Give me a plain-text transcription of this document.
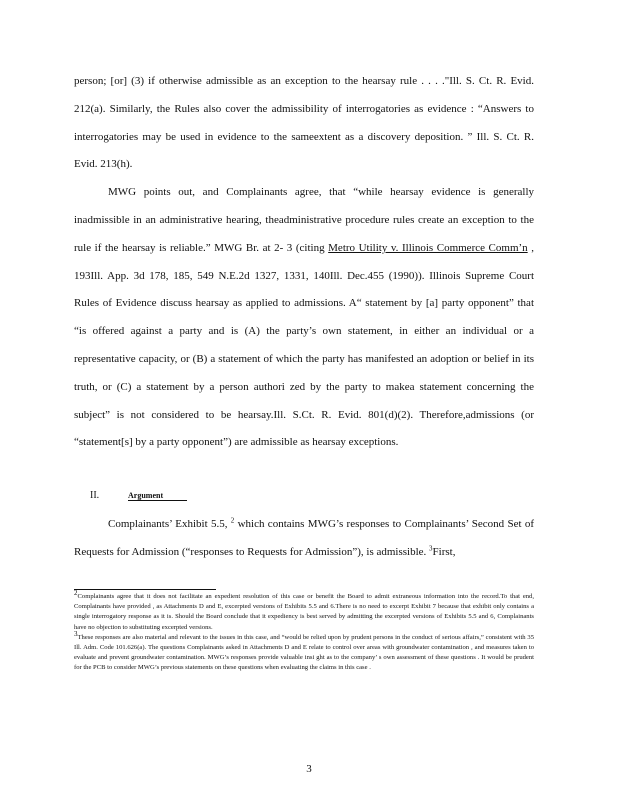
person; [or] (3) if otherwise admissible as an exception to the hearsay rule . . . ."Ill. S. Ct. R. Evid. 212(a). Similarly, the Rules also cover the admissibility of interrogatories as evidence : “Answers to interrogatories may be used in evidence to the sameextent as a discovery deposition. ” Ill. S. Ct. R. Evid. 213(h).

MWG points out, and Complainants agree, that “while hearsay evidence is generally inadmissible in an administrative hearing, theadministrative procedure rules create an exception to the rule if the hearsay is reliable.” MWG Br. at 2- 3 (citing Metro Utility v. Illinois Commerce Comm’n , 193Ill. App. 3d 178, 185, 549 N.E.2d 1327, 1331, 140Ill. Dec.455 (1990)). Illinois Supreme Court Rules of Evidence discuss hearsay as applied to admissions. A“ statement by [a] party opponent” that “is offered against a party and is (A) the party’s own statement, in either an individual or a representative capacity, or (B) a statement of which the party has manifested an adoption or belief in its truth, or (C) a statement by a person authori zed by the party to makea statement concerning the subject” is not considered to be hearsay.Ill. S.Ct. R. Evid. 801(d)(2). Therefore,admissions (or “statement[s] by a party opponent”) are admissible as hearsay exceptions.

II.	Argument

Complainants’ Exhibit 5.5, $^2$ which contains MWG’s responses to Complainants’ Second Set of Requests for Admission (“responses to Requests for Admission”), is admissible. $^3$First,

$^2$Complainants agree that it does not facilitate an expedient resolution of this case or benefit the Board to admit extraneous information into the record.To that end, Complainants have provided , as Attachments D and E, excerpted versions of Exhibits 5.5 and 6.There is no need to excerpt Exhibit 7 because that exhibit only contains a single interrogatory response as it is. Should the Board conclude that it expediency is best served by admitting the excerpted versions of Exhibits 5.5 and 6, Complainants have no objection to substituting excerpted versions.

$^3$These responses are also material and relevant to the issues in this case, and “would be relied upon by prudent persons in the conduct of serious affairs,” consistent with 35 Ill. Adm. Code 101.626(a). The questions Complainants asked in Attachments D and E relate to control over areas with groundwater contamination , and measures taken to evaluate and prevent groundwater contamination. MWG’s responses provide valuable insi ght as to the company’ s own assessment of these questions . It would be prudent for the PCB to consider MWG’s previous statements on these questions when evaluating the claims in this case .

3
